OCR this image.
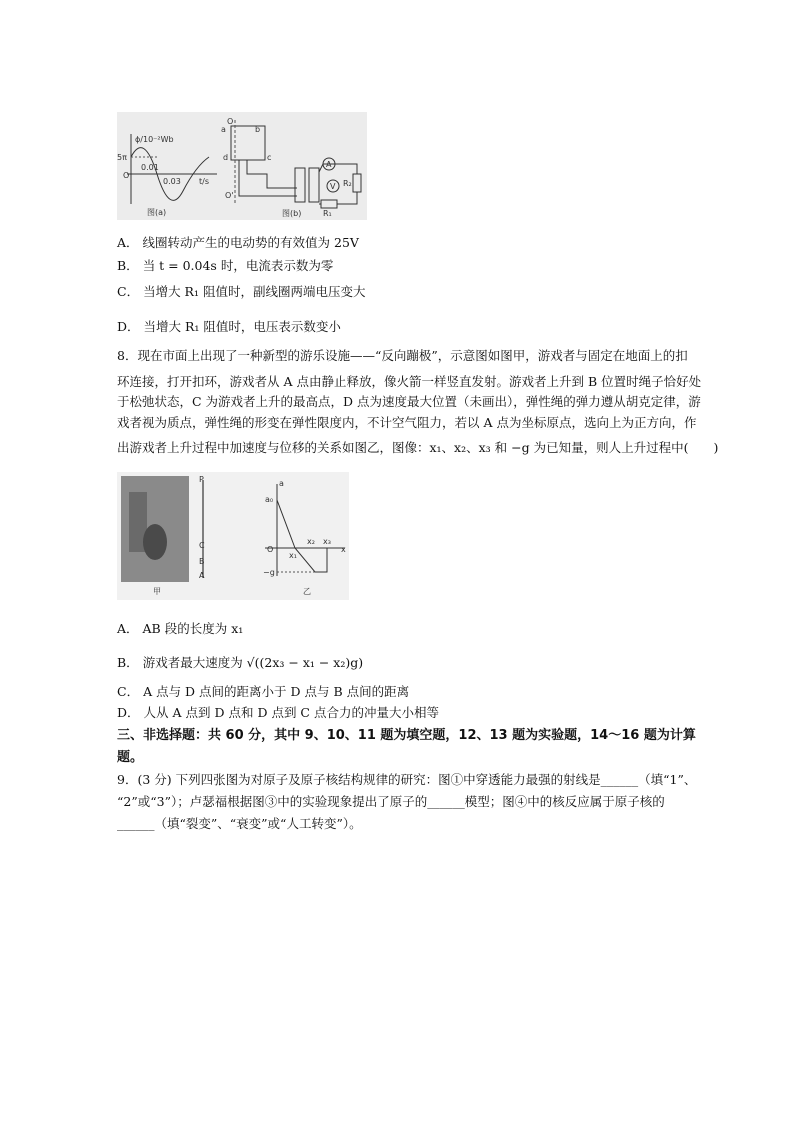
ϕ/10⁻²Wb
5π
O
0.01
0.03 t/s
图(a)
O
a	b
d	c
O'
A
V R₂
R₁
图(b)
A． 线圈转动产生的电动势的有效值为 25V
B． 当 t = 0.04s 时，电流表示数为零
C． 当增大 R₁ 阻值时，副线圈两端电压变大
D． 当增大 R₁ 阻值时，电压表示数变小
8．现在市面上出现了一种新型的游乐设施——“反向蹦极”，示意图如图甲，游戏者与固定在地面上的扣
环连接，打开扣环，游戏者从 A 点由静止释放，像火箭一样竖直发射。游戏者上升到 B 位置时绳子恰好处
于松弛状态，C 为游戏者上升的最高点，D 点为速度最大位置（未画出），弹性绳的弹力遵从胡克定律，游
戏者视为质点，弹性绳的形变在弹性限度内，不计空气阻力，若以 A 点为坐标原点，选向上为正方向，作
出游戏者上升过程中加速度与位移的关系如图乙，图像：x₁、x₂、x₃ 和 −g 为已知量，则人上升过程中(　　)
P
C
B
A
甲
a
a₀
O
x₁
x₂ x₃
−g
x
乙
A． AB 段的长度为 x₁
B． 游戏者最大速度为 √((2x₃ − x₁ − x₂)g)
C． A 点与 D 点间的距离小于 D 点与 B 点间的距离
D． 人从 A 点到 D 点和 D 点到 C 点合力的冲量大小相等
三、非选择题：共 60 分，其中 9、10、11 题为填空题，12、13 题为实验题，14～16 题为计算
题。
9．(3 分) 下列四张图为对原子及原子核结构规律的研究：图①中穿透能力最强的射线是______（填“1”、
“2”或“3”）；卢瑟福根据图③中的实验现象提出了原子的______模型；图④中的核反应属于原子核的
______（填“裂变”、“衰变”或“人工转变”）。
